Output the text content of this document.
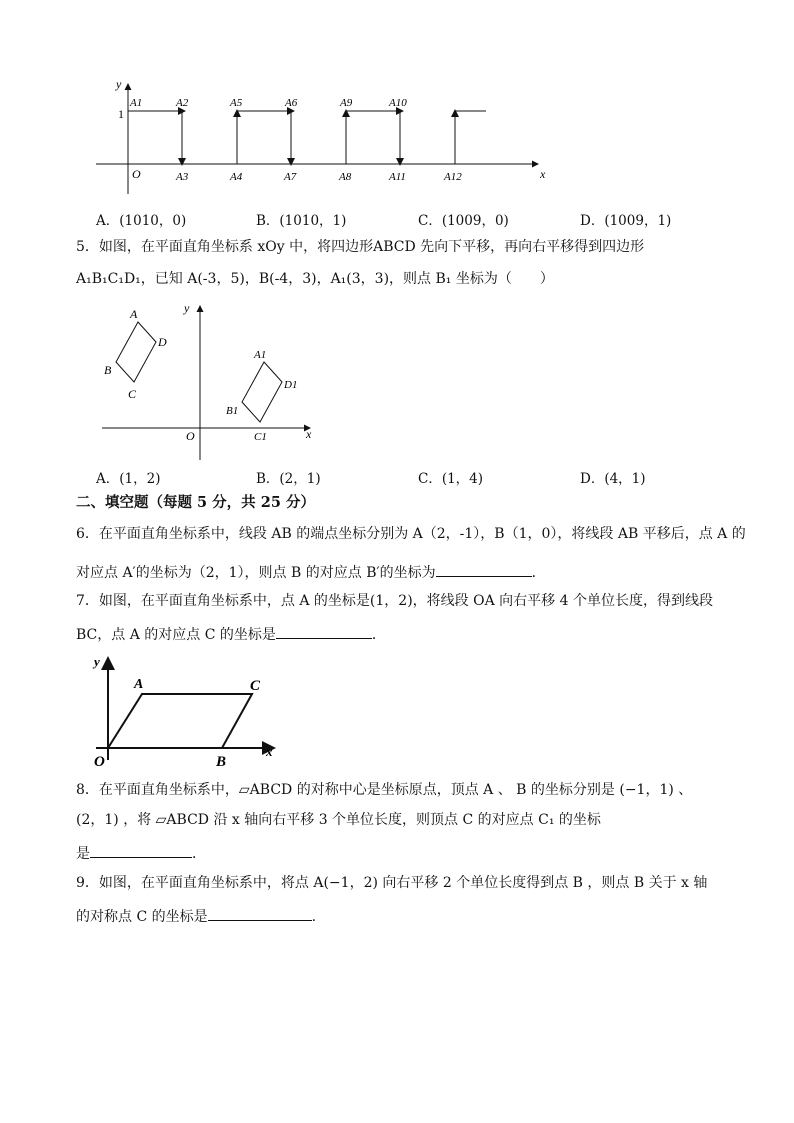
y
x
O
1
A1	A2	A5	A6	A9	A10
A3	A4	A7	A8	A11	A12
A．(1010，0)	B．(1010，1)	C．(1009，0)	D．(1009，1)
5．如图，在平面直角坐标系 xOy 中，将四边形ABCD 先向下平移，再向右平移得到四边形
A₁B₁C₁D₁，已知 A(-3，5)，B(-4，3)，A₁(3，3)，则点 B₁ 坐标为（　　）
y
x
O
A
B
C
D
A1
B1
C1
D1
A．(1，2)	B．(2，1)	C．(1，4)	D．(4，1)
二、填空题（每题 5 分，共 25 分）
6．在平面直角坐标系中，线段 AB 的端点坐标分别为 A（2，-1），B（1，0），将线段 AB 平移后，点 A 的
对应点 A′的坐标为（2，1），则点 B 的对应点 B′的坐标为	．
7．如图，在平面直角坐标系中，点 A 的坐标是(1，2)，将线段 OA 向右平移 4 个单位长度，得到线段
BC，点 A 的对应点 C 的坐标是	．
y
x
O
A	C
B
8．在平面直角坐标系中，▱ABCD 的对称中心是坐标原点，顶点 A 、 B 的坐标分别是 (−1，1) 、
(2，1) ，将 ▱ABCD 沿 x 轴向右平移 3 个单位长度，则顶点 C 的对应点 C₁ 的坐标
是	．
9．如图，在平面直角坐标系中，将点 A(−1，2) 向右平移 2 个单位长度得到点 B ，则点 B 关于 x 轴
的对称点 C 的坐标是	.
